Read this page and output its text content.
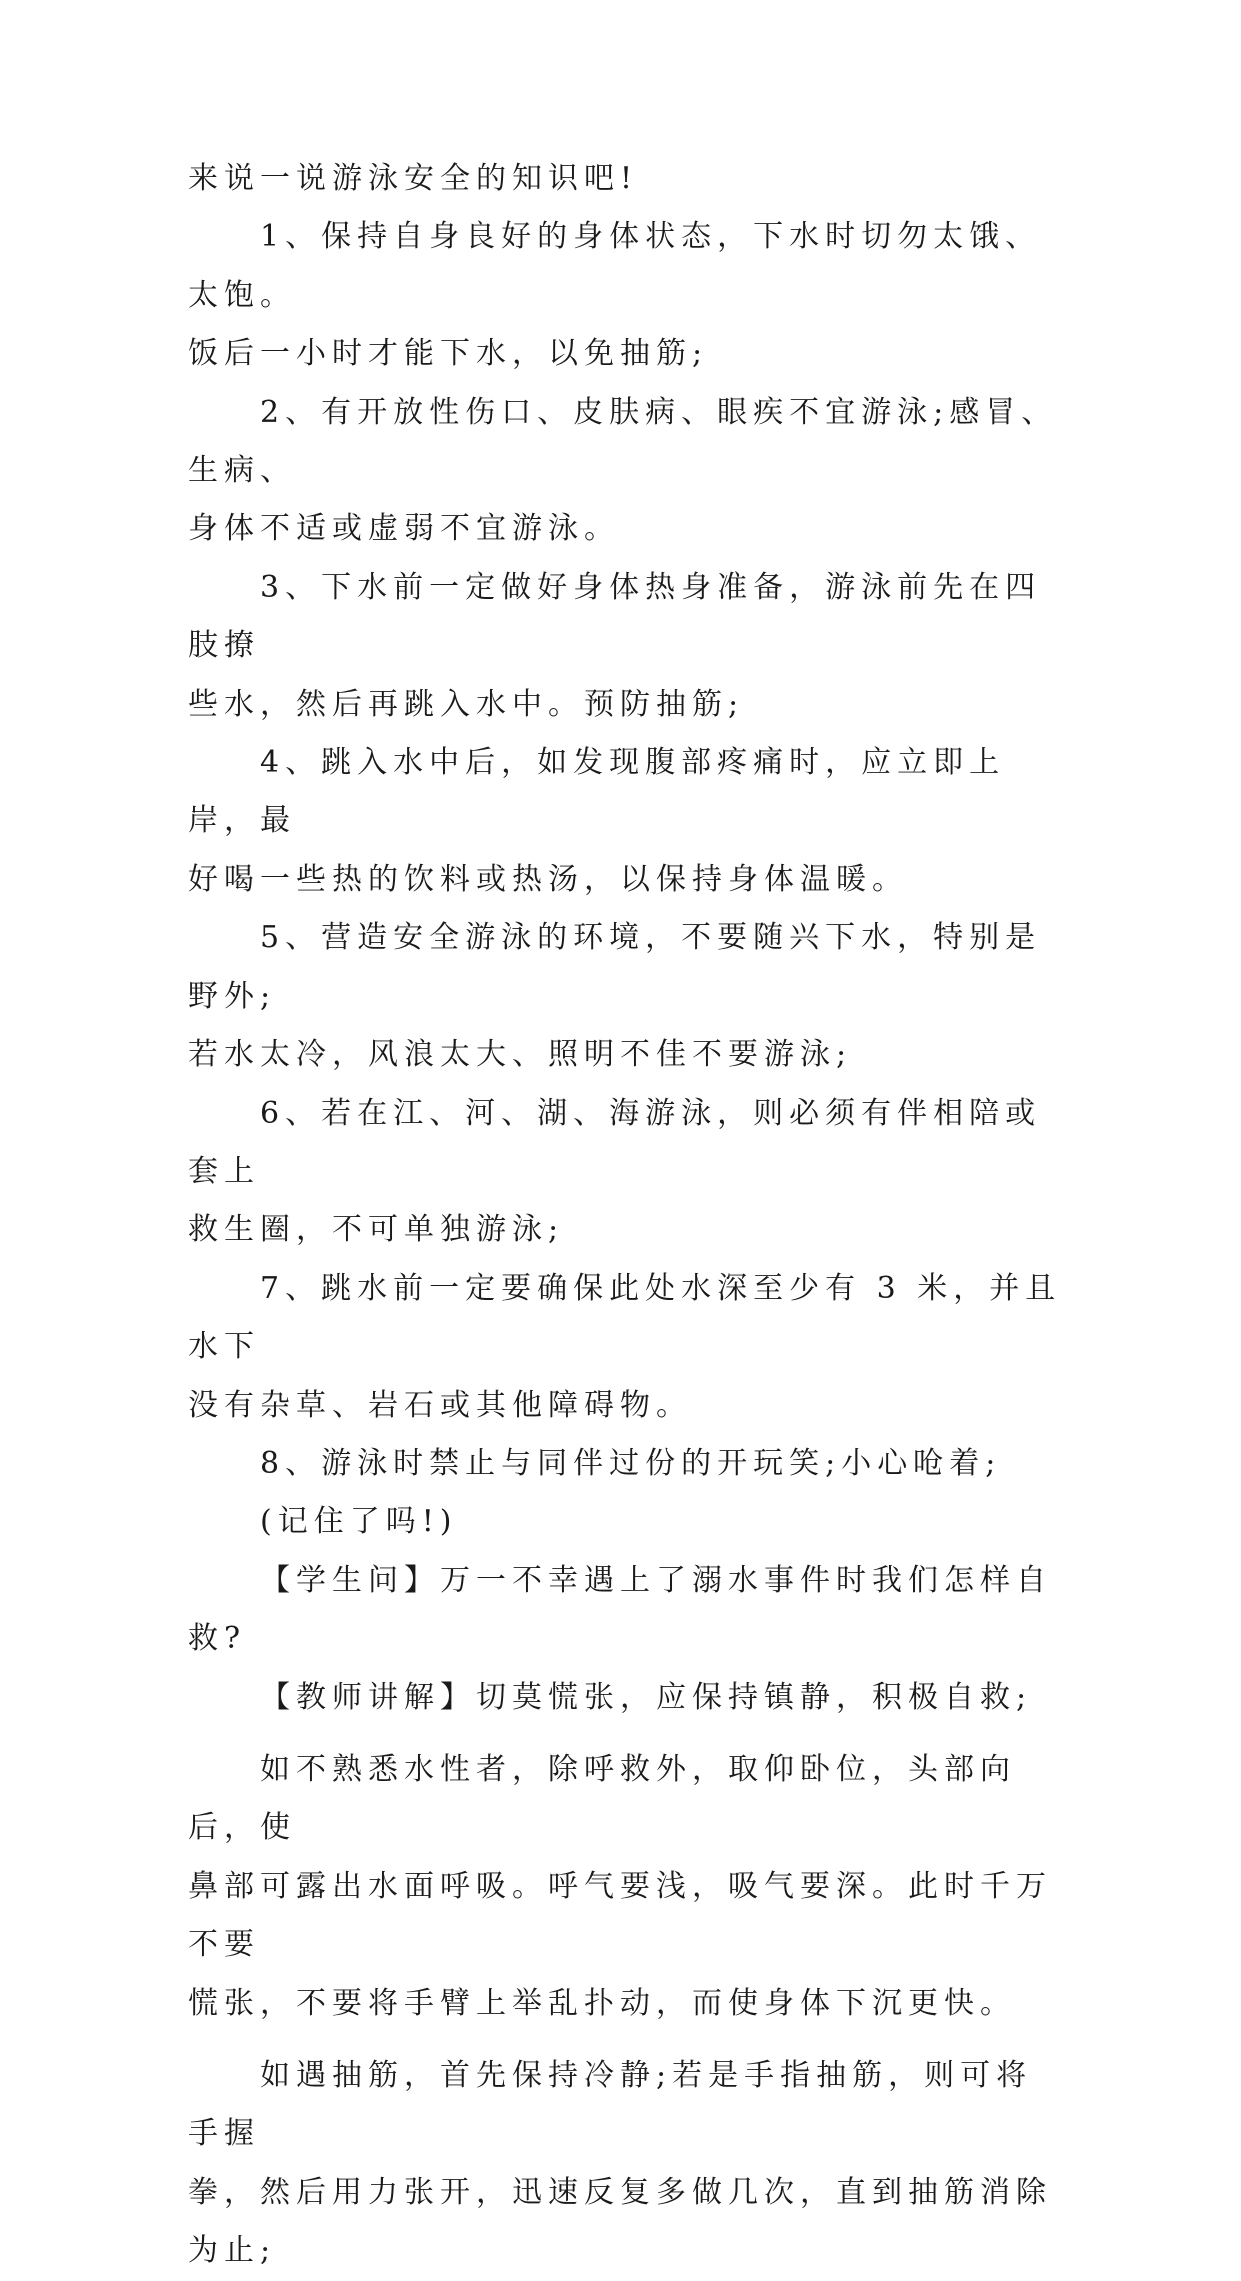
来说一说游泳安全的知识吧!

1、保持自身良好的身体状态，下水时切勿太饿、太饱。
饭后一小时才能下水，以免抽筋;

2、有开放性伤口、皮肤病、眼疾不宜游泳;感冒、生病、
身体不适或虚弱不宜游泳。

3、下水前一定做好身体热身准备，游泳前先在四肢撩
些水，然后再跳入水中。预防抽筋;

4、跳入水中后，如发现腹部疼痛时，应立即上岸，最
好喝一些热的饮料或热汤，以保持身体温暖。

5、营造安全游泳的环境，不要随兴下水，特别是野外;
若水太冷，风浪太大、照明不佳不要游泳;

6、若在江、河、湖、海游泳，则必须有伴相陪或套上
救生圈，不可单独游泳;

7、跳水前一定要确保此处水深至少有 3 米，并且水下
没有杂草、岩石或其他障碍物。

8、游泳时禁止与同伴过份的开玩笑;小心呛着;

(记住了吗!)

【学生问】万一不幸遇上了溺水事件时我们怎样自救?

【教师讲解】切莫慌张，应保持镇静，积极自救;

如不熟悉水性者，除呼救外，取仰卧位，头部向后，使
鼻部可露出水面呼吸。呼气要浅，吸气要深。此时千万不要
慌张，不要将手臂上举乱扑动，而使身体下沉更快。

如遇抽筋，首先保持冷静;若是手指抽筋，则可将手握
拳，然后用力张开，迅速反复多做几次，直到抽筋消除为止;
